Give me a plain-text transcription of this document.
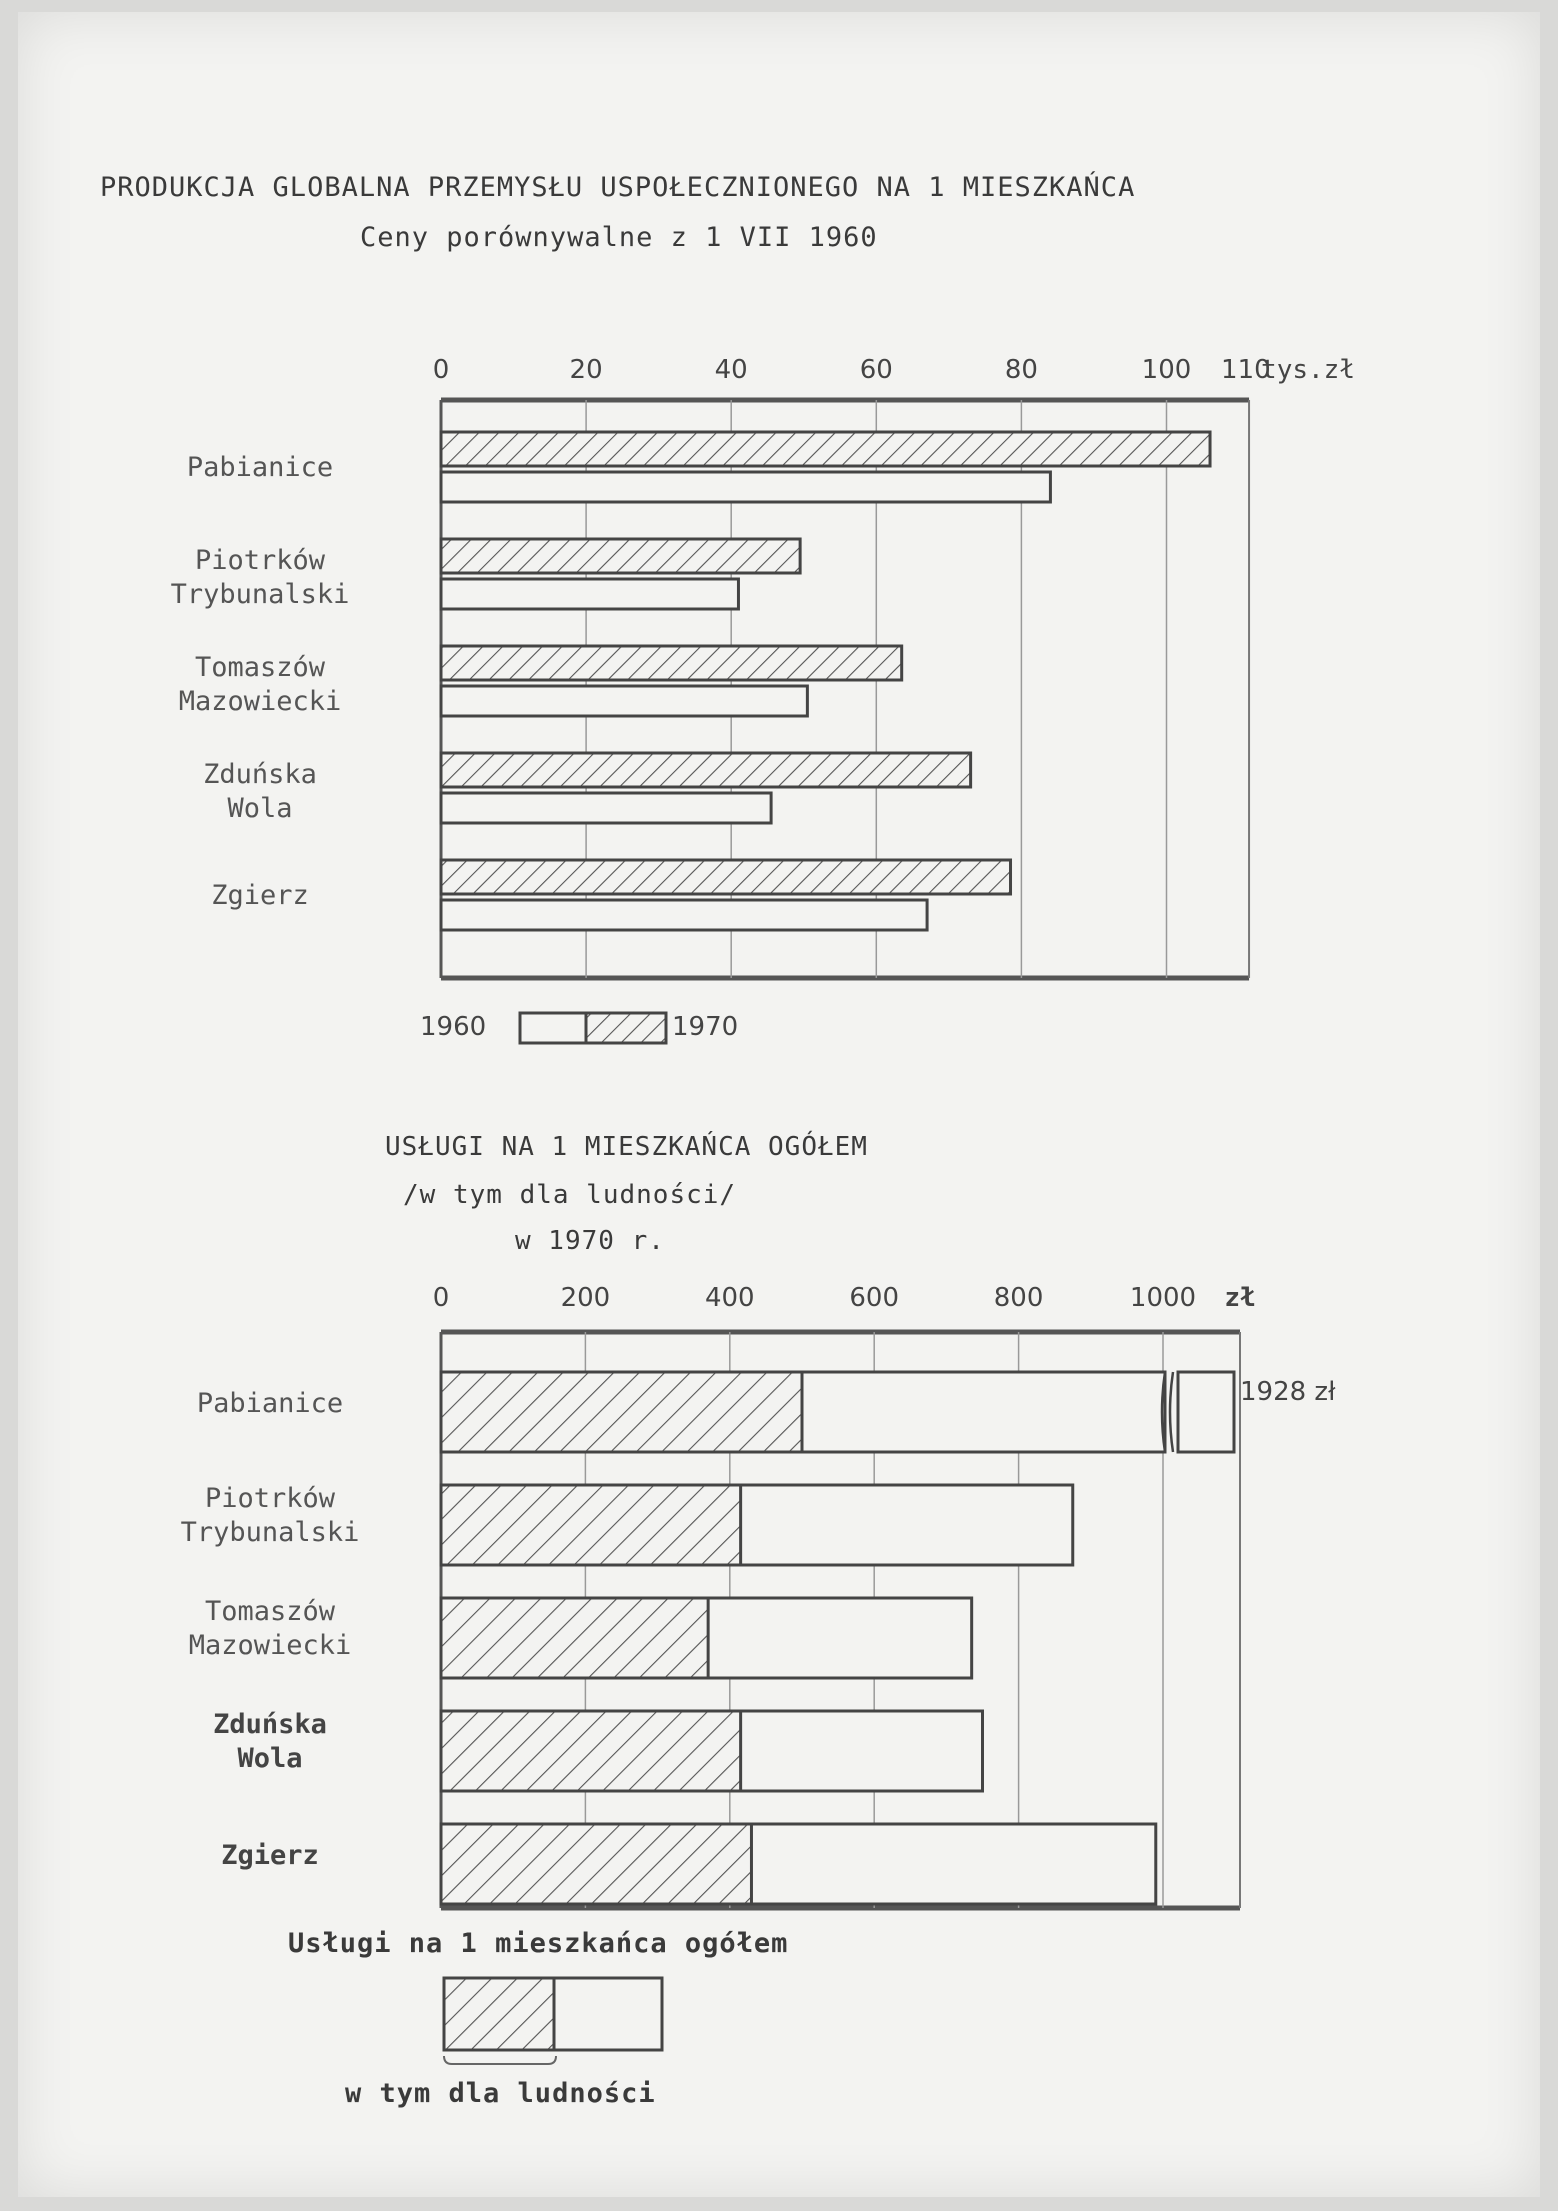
PRODUKCJA GLOBALNA PRZEMYSŁU USPOŁECZNIONEGO NA 1 MIESZKAŃCA
Ceny porównywalne z 1 VII 1960
1960	1970
USŁUGI NA 1 MIESZKAŃCA OGÓŁEM
/w tym dla ludności/
w 1970 r.
Usługi na 1 mieszkańca ogółem
w tym dla ludności
0	20	40	60	80	100 110
tys.zł
Pabianice
Piotrków
Trybunalski
Tomaszów
Mazowiecki
Zduńska
Wola
Zgierz
0	200	400	600	800	1000 zł
1928 zł
Pabianice
Piotrków
Trybunalski
Tomaszów
Mazowiecki
Zduńska
Wola
Zgierz
